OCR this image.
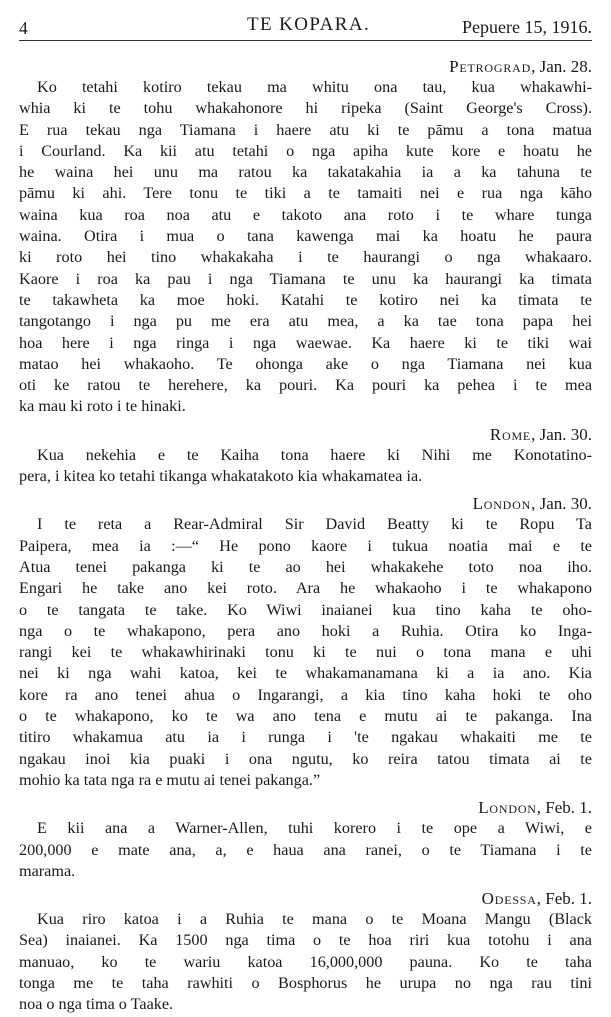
4	TE KOPARA.	Pepuere 15, 1916.

Petrograd, Jan. 28.

Ko tetahi kotiro tekau ma whitu ona tau, kua whakawhi-
whia ki te tohu whakahonore hi ripeka (Saint George's Cross).
E rua tekau nga Tiamana i haere atu ki te pāmu a tona matua
i Courland. Ka kii atu tetahi o nga apiha kute kore e hoatu he
he waina hei unu ma ratou ka takatakahia ia a ka tahuna te
pāmu ki ahi. Tere tonu te tiki a te tamaiti nei e rua nga kāho
waina kua roa noa atu e takoto ana roto i te whare tunga
waina. Otira i mua o tana kawenga mai ka hoatu he paura
ki roto hei tino whakakaha i te haurangi o nga whakaaro.
Kaore i roa ka pau i nga Tiamana te unu ka haurangi ka timata
te takawheta ka moe hoki. Katahi te kotiro nei ka timata te
tangotango i nga pu me era atu mea, a ka tae tona papa hei
hoa here i nga ringa i nga waewae. Ka haere ki te tiki wai
matao hei whakaoho. Te ohonga ake o nga Tiamana nei kua
oti ke ratou te herehere, ka pouri. Ka pouri ka pehea i te mea
ka mau ki roto i te hinaki.

Rome, Jan. 30.

Kua nekehia e te Kaiha tona haere ki Nihi me Konotatino-
pera, i kitea ko tetahi tikanga whakatakoto kia whakamatea ia.

London, Jan. 30.

I te reta a Rear-Admiral Sir David Beatty ki te Ropu Ta
Paipera, mea ia :—“ He pono kaore i tukua noatia mai e te
Atua tenei pakanga ki te ao hei whakakehe toto noa iho.
Engari he take ano kei roto. Ara he whakaoho i te whakapono
o te tangata te take. Ko Wiwi inaianei kua tino kaha te oho-
nga o te whakapono, pera ano hoki a Ruhia. Otira ko Inga-
rangi kei te whakawhirinaki tonu ki te nui o tona mana e uhi
nei ki nga wahi katoa, kei te whakamanamana ki a ia ano. Kia
kore ra ano tenei ahua o Ingarangi, a kia tino kaha hoki te oho
o te whakapono, ko te wa ano tena e mutu ai te pakanga. Ina
titiro whakamua atu ia i runga i 'te ngakau whakaiti me te
ngakau inoi kia puaki i ona ngutu, ko reira tatou timata ai te
mohio ka tata nga ra e mutu ai tenei pakanga.”

London, Feb. 1.

E kii ana a Warner-Allen, tuhi korero i te ope a Wiwi, e
200,000 e mate ana, a, e haua ana ranei, o te Tiamana i te
marama.

Odessa, Feb. 1.

Kua riro katoa i a Ruhia te mana o te Moana Mangu (Black
Sea) inaianei. Ka 1500 nga tima o te hoa riri kua totohu i ana
manuao, ko te wariu katoa 16,000,000 pauna. Ko te taha
tonga me te taha rawhiti o Bosphorus he urupa no nga rau tini
noa o nga tima o Taake.
